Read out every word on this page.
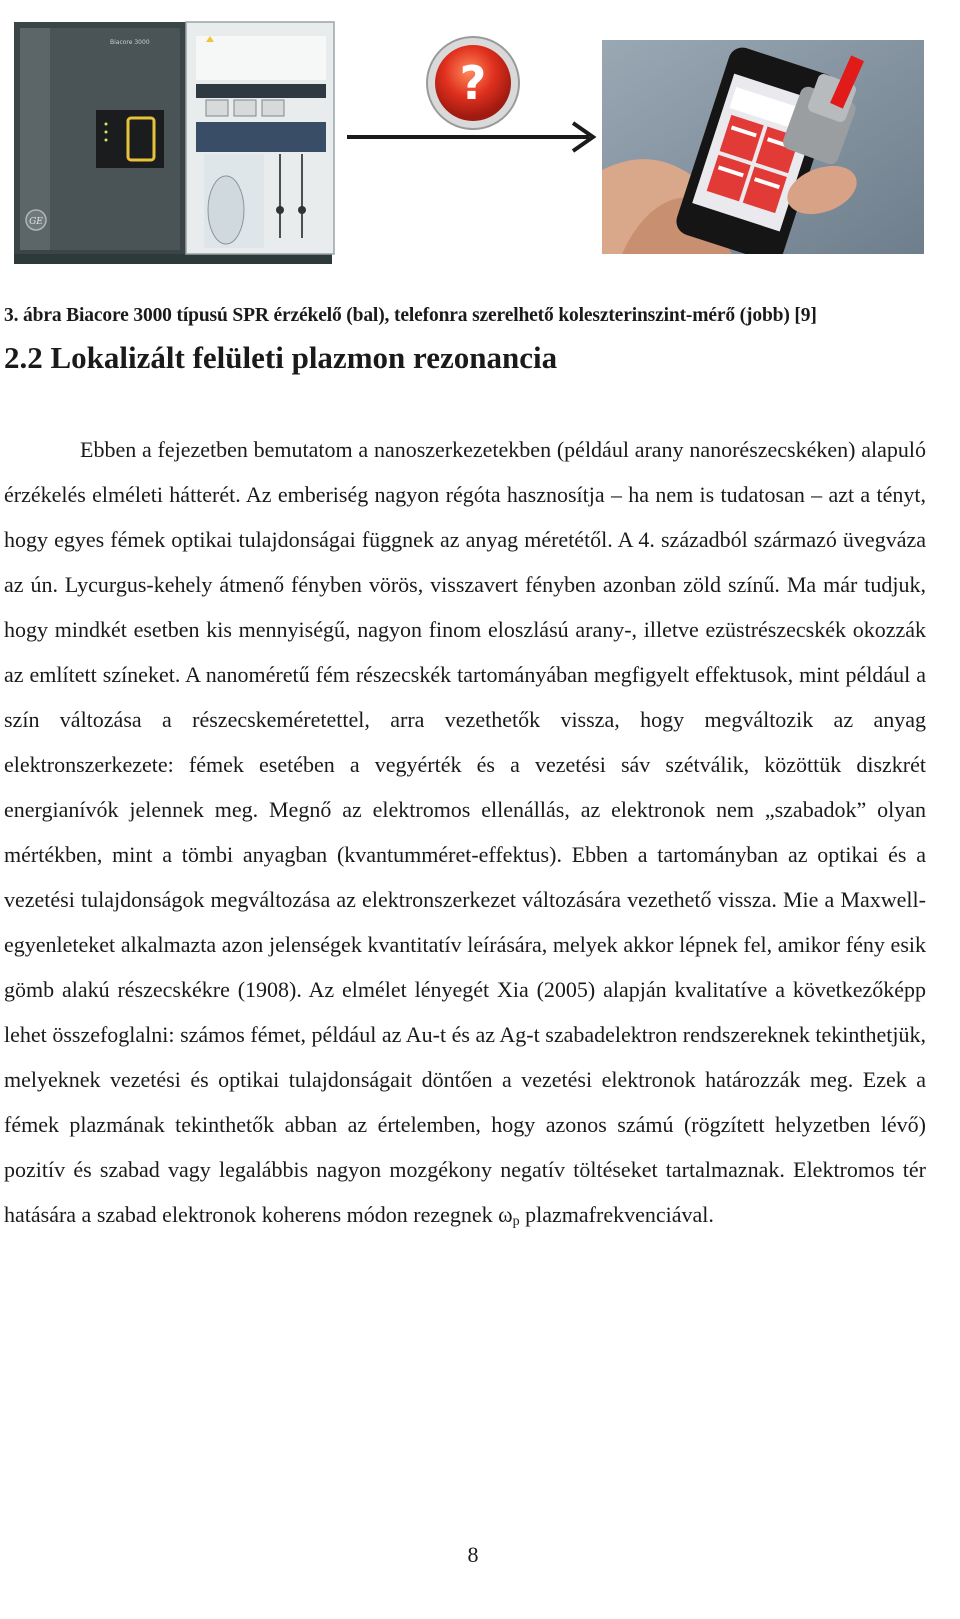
Biacore 3000
GE
?
3. ábra Biacore 3000 típusú SPR érzékelő (bal), telefonra szerelhető koleszterinszint-mérő (jobb) [9]
2.2 Lokalizált felületi plazmon rezonancia

Ebben a fejezetben bemutatom a nanoszerkezetekben (például arany nanorészecskéken) alapuló érzékelés elméleti hátterét. Az emberiség nagyon régóta hasznosítja – ha nem is tudatosan – azt a tényt, hogy egyes fémek optikai tulajdonságai függnek az anyag méretétől. A 4. századból származó üvegváza az ún. Lycurgus-kehely átmenő fényben vörös, visszavert fényben azonban zöld színű. Ma már tudjuk, hogy mindkét esetben kis mennyiségű, nagyon finom eloszlású arany-, illetve ezüstrészecskék okozzák az említett színeket. A nanoméretű fém részecskék tartományában megfigyelt effektusok, mint például a szín változása a részecskeméretettel, arra vezethetők vissza, hogy megváltozik az anyag elektronszerkezete: fémek esetében a vegyérték és a vezetési sáv szétválik, közöttük diszkrét energianívók jelennek meg. Megnő az elektromos ellenállás, az elektronok nem „szabadok” olyan mértékben, mint a tömbi anyagban (kvantumméret-effektus). Ebben a tartományban az optikai és a vezetési tulajdonságok megváltozása az elektronszerkezet változására vezethető vissza. Mie a Maxwell-egyenleteket alkalmazta azon jelenségek kvantitatív leírására, melyek akkor lépnek fel, amikor fény esik gömb alakú részecskékre (1908). Az elmélet lényegét Xia (2005) alapján kvalitatíve a következőképp lehet összefoglalni: számos fémet, például az Au-t és az Ag-t szabadelektron rendszereknek tekinthetjük, melyeknek vezetési és optikai tulajdonságait döntően a vezetési elektronok határozzák meg. Ezek a fémek plazmának tekinthetők abban az értelemben, hogy azonos számú (rögzített helyzetben lévő) pozitív és szabad vagy legalábbis nagyon mozgékony negatív töltéseket tartalmaznak. Elektromos tér hatására a szabad elektronok koherens módon rezegnek $\omega_p$ plazmafrekvenciával.

8
